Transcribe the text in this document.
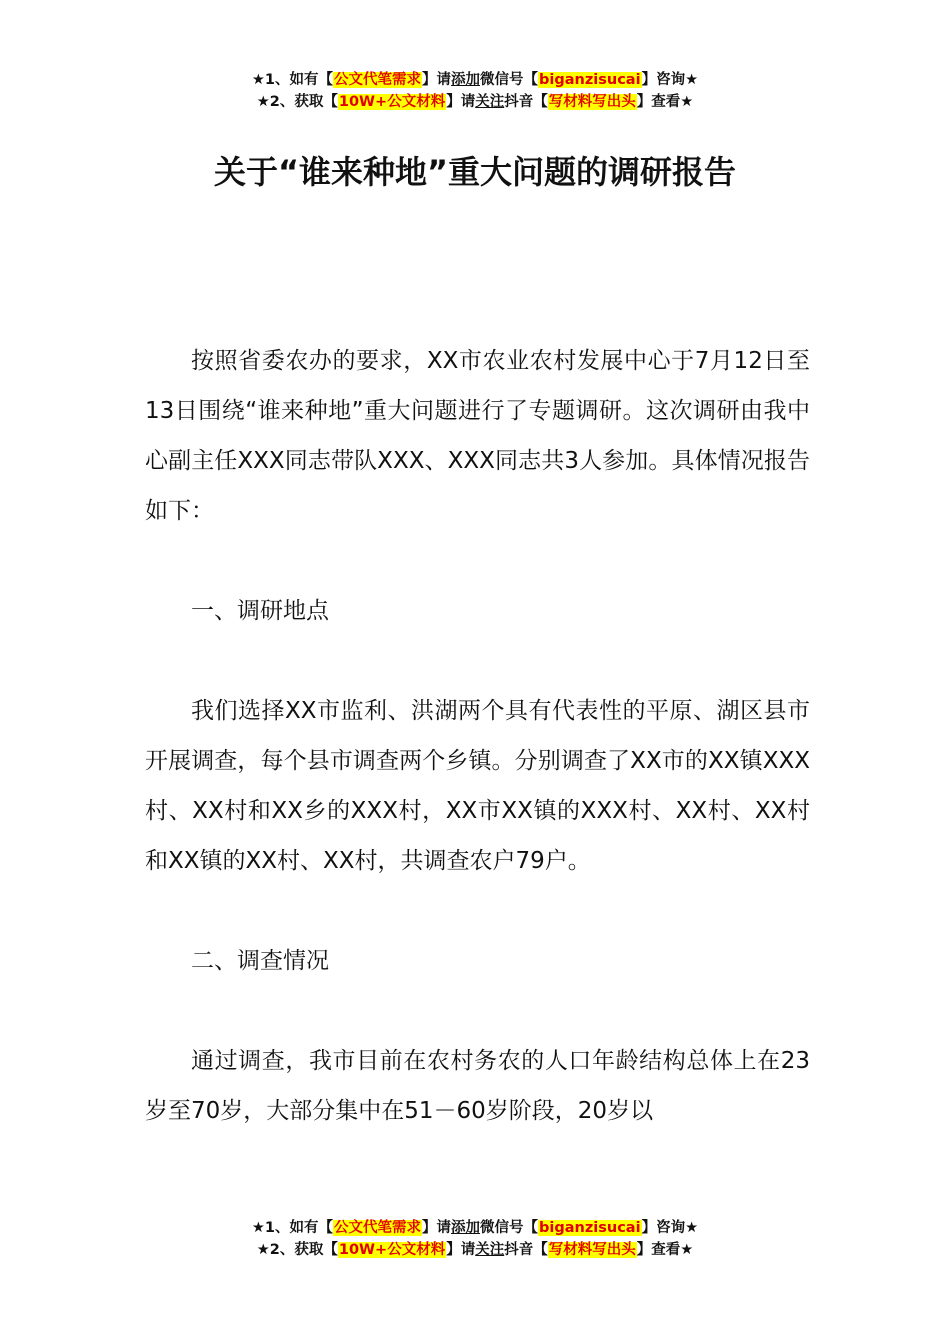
★1、如有【公文代笔需求】请添加微信号【biganzisucai】咨询★
★2、获取【10W+公文材料】请关注抖音【写材料写出头】查看★
关于“谁来种地”重大问题的调研报告

按照省委农办的要求，XX市农业农村发展中心于7月12日至13日围绕“谁来种地”重大问题进行了专题调研。这次调研由我中心副主任XXX同志带队XXX、XXX同志共3人参加。具体情况报告如下：

一、调研地点

我们选择XX市监利、洪湖两个具有代表性的平原、湖区县市开展调查，每个县市调查两个乡镇。分别调查了XX市的XX镇XXX村、XX村和XX乡的XXX村，XX市XX镇的XXX村、XX村、XX村和XX镇的XX村、XX村，共调查农户79户。

二、调查情况

通过调查，我市目前在农村务农的人口年龄结构总体上在23岁至70岁，大部分集中在51－60岁阶段，20岁以

★1、如有【公文代笔需求】请添加微信号【biganzisucai】咨询★
★2、获取【10W+公文材料】请关注抖音【写材料写出头】查看★
